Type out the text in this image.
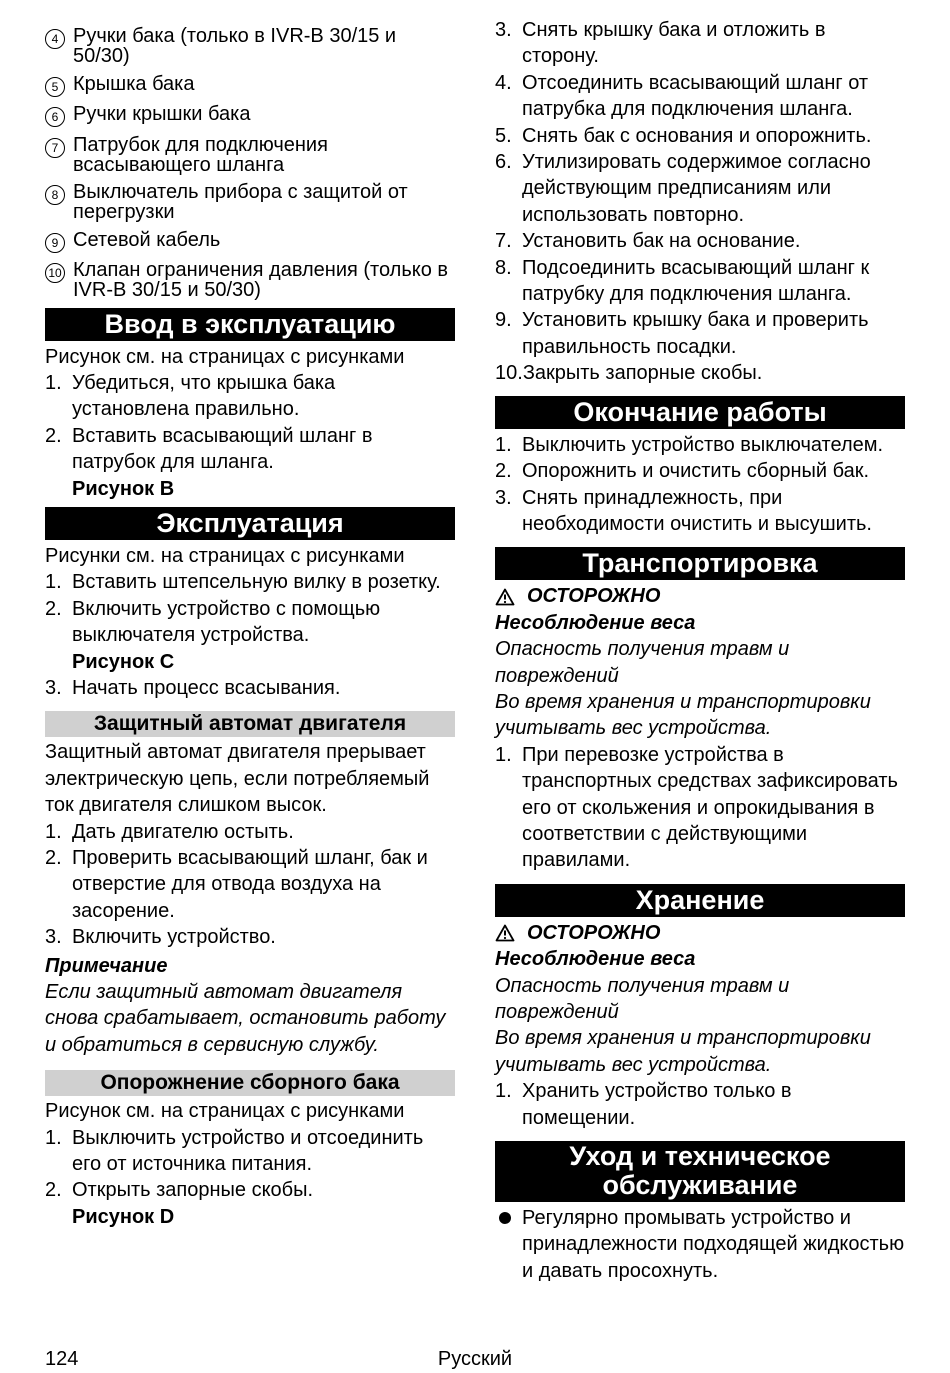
4 Ручки бака (только в IVR-B 30/15 и 50/30)
5 Крышка бака
6 Ручки крышки бака
7 Патрубок для подключения всасывающего шланга
8 Выключатель прибора с защитой от перегрузки
9 Сетевой кабель
10 Клапан ограничения давления (только в IVR-B 30/15 и 50/30)
Ввод в эксплуатацию
Рисунок см. на страницах с рисунками
1. Убедиться, что крышка бака установлена правильно.
2. Вставить всасывающий шланг в патрубок для шланга.
Рисунок B
Эксплуатация
Рисунки см. на страницах с рисунками
1. Вставить штепсельную вилку в розетку.
2. Включить устройство с помощью выключателя устройства.
Рисунок C
3. Начать процесс всасывания.
Защитный автомат двигателя
Защитный автомат двигателя прерывает электрическую цепь, если потребляемый ток двигателя слишком высок.
1. Дать двигателю остыть.
2. Проверить всасывающий шланг, бак и отверстие для отвода воздуха на засорение.
3. Включить устройство.
Примечание
Если защитный автомат двигателя снова срабатывает, остановить работу и обратиться в сервисную службу.
Опорожнение сборного бака
Рисунок см. на страницах с рисунками
1. Выключить устройство и отсоединить его от источника питания.
2. Открыть запорные скобы.
Рисунок D
3. Снять крышку бака и отложить в сторону.
4. Отсоединить всасывающий шланг от патрубка для подключения шланга.
5. Снять бак с основания и опорожнить.
6. Утилизировать содержимое согласно действующим предписаниям или использовать повторно.
7. Установить бак на основание.
8. Подсоединить всасывающий шланг к патрубку для подключения шланга.
9. Установить крышку бака и проверить правильность посадки.
10. Закрыть запорные скобы.
Окончание работы
1. Выключить устройство выключателем.
2. Опорожнить и очистить сборный бак.
3. Снять принадлежность, при необходимости очистить и высушить.
Транспортировка
ОСТОРОЖНО
Несоблюдение веса
Опасность получения травм и повреждений
Во время хранения и транспортировки учитывать вес устройства.
1. При перевозке устройства в транспортных средствах зафиксировать его от скольжения и опрокидывания в соответствии с действующими правилами.
Хранение
ОСТОРОЖНО
Несоблюдение веса
Опасность получения травм и повреждений
Во время хранения и транспортировки учитывать вес устройства.
1. Хранить устройство только в помещении.
Уход и техническое
обслуживание
Регулярно промывать устройство и принадлежности подходящей жидкостью и давать просохнуть.
124	Русский
